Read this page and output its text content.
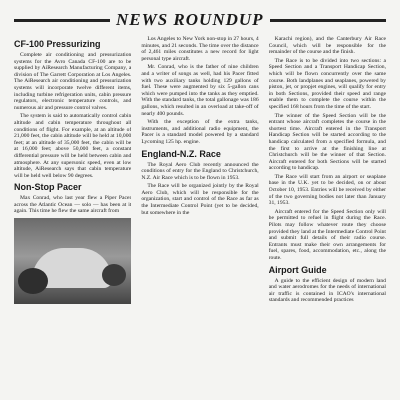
NEWS ROUNDUP
CF-100 Pressurizing

Complete air conditioning and pressurization systems for the Avro Canada CF-100 are to be supplied by AiResearch Manufacturing Company, a division of The Garrett Corporation at Los Angeles. The AiResearch air conditioning and pressurization systems will incorporate twelve different items, including turbine refrigeration units, cabin pressure regulators, electronic temperature controls, and numerous air and pressure control valves.

The system is said to automatically control cabin altitude and cabin temperature throughout all conditions of flight. For example, at an altitude of 21,000 feet, the cabin altitude will be held at 10,000 feet; at an altitude of 35,000 feet, the cabin will be at 16,000 feet; above 50,000 feet, a constant differential pressure will be held between cabin and atmosphere. At any supersonic speed, even at low altitude, AiResearch says that cabin temperature will be held well below 90 degrees.

Non-Stop Pacer

Max Conrad, who last year flew a Piper Pacer across the Atlantic Ocean — solo — has been at it again. This time he flew the same aircraft from

Los Angeles to New York non-stop in 27 hours, 4 minutes, and 21 seconds. The time over the distance of 2,461 miles constitutes a new record for light personal type aircraft.

Mr. Conrad, who is the father of nine children and a writer of songs as well, had his Pacer fitted with two auxiliary tanks holding 129 gallons of fuel. These were augmented by six 5-gallon cans which were pumped into the tanks as they emptied. With the standard tanks, the total gallonage was 186 gallons, which resulted in an overload at take-off of nearly 400 pounds.

With the exception of the extra tanks, instruments, and additional radio equipment, the Pacer is a standard model powered by a standard Lycoming 125 hp. engine.

England-N.Z. Race

The Royal Aero Club recently announced the conditions of entry for the England to Christchurch, N.Z. Air Race which is to be flown in 1953.

The Race will be organized jointly by the Royal Aero Club, which will be responsible for the organization, start and control of the Race as far as the Intermediate Control Point (yet to be decided, but somewhere in the

Karachi region), and the Canterbury Air Race Council, which will be responsible for the remainder of the course and the finish.

The Race is to be divided into two sections: a Speed Section and a Transport Handicap Section, which will be flown concurrently over the same course. Both landplanes and seaplanes, powered by piston, jet, or propjet engines, will qualify for entry in both Sections, provided their speed and range enable them to complete the course within the specified 168 hours from the time of the start.

The winner of the Speed Section will be the entrant whose aircraft completes the course in the shortest time. Aircraft entered in the Transport Handicap Section will be started according to the handicap calculated from a specified formula, and the first to arrive at the finishing line at Christchurch will be the winner of that Section. Aircraft entered for both Sections will be started according to handicap.

The Race will start from an airport or seaplane base in the U.K. yet to be decided, on or about October 10, 1953. Entries will be received by either of the two governing bodies not later than January 31, 1953.

Aircraft entered for the Speed Section only will be permitted to refuel in flight during the Race. Pilots may follow whatever route they choose provided they land at the Intermediate Control Point and submit full details of their radio course. Entrants must make their own arrangements for fuel, spares, food, accommodation, etc., along the route.

Airport Guide

A guide to the efficient design of modern land and water aerodromes for the needs of international air traffic is contained in ICAO's international standards and recommended practices
